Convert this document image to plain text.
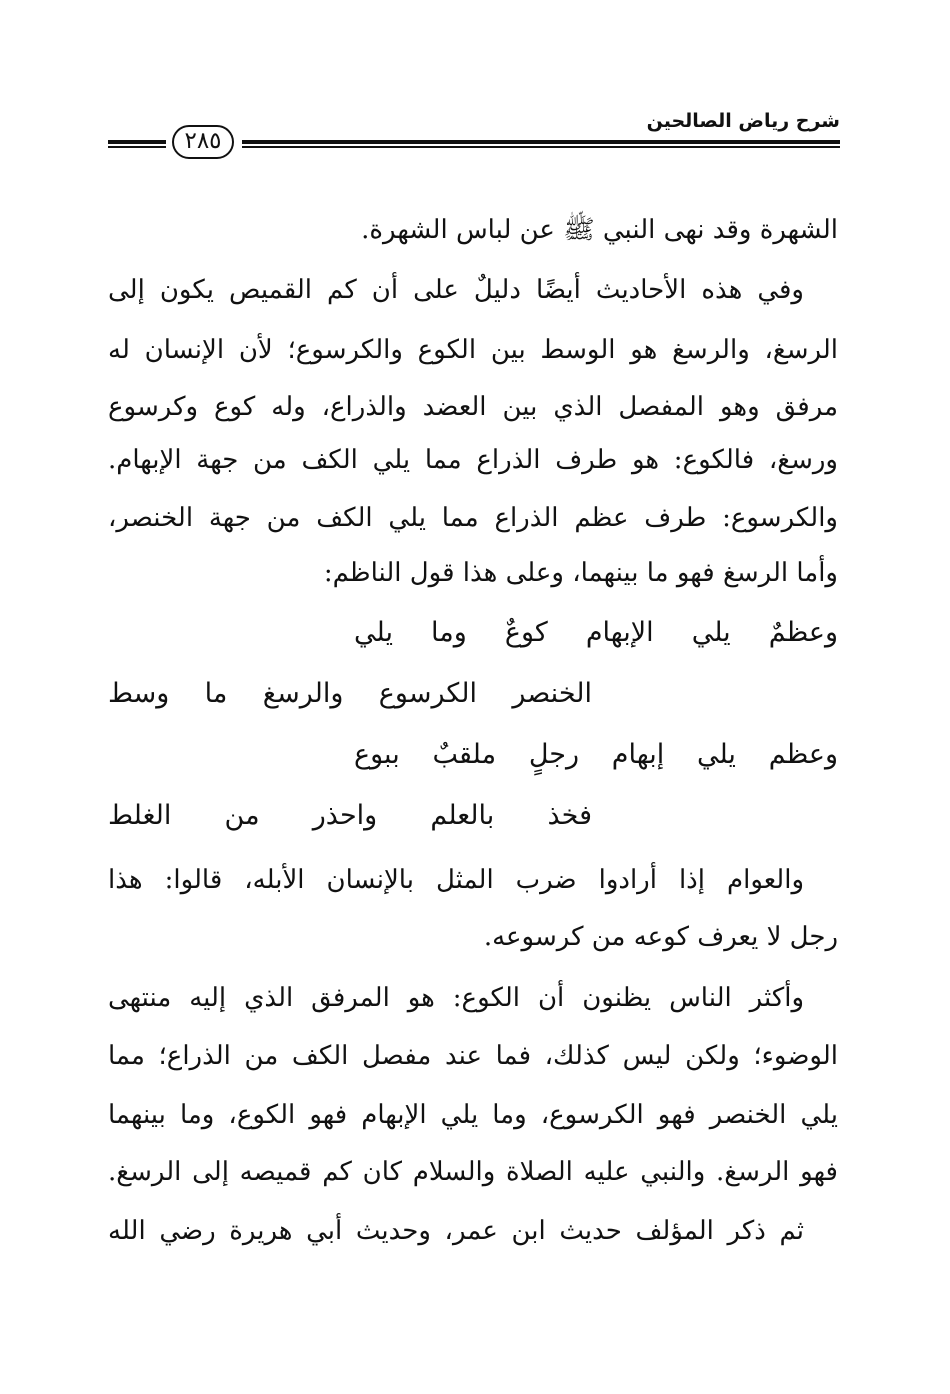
شرح رياض الصالحين
٢٨٥
الشهرة وقد نهى النبي ﷺ عن لباس الشهرة.
وفي هذه الأحاديث أيضًا دليلٌ على أن كم القميص يكون إلى
الرسغ، والرسغ هو الوسط بين الكوع والكرسوع؛ لأن الإنسان له
مرفق وهو المفصل الذي بين العضد والذراع، وله كوع وكرسوع
ورسغ، فالكوع: هو طرف الذراع مما يلي الكف من جهة الإبهام.
والكرسوع: طرف عظم الذراع مما يلي الكف من جهة الخنصر،
وأما الرسغ فهو ما بينهما، وعلى هذا قول الناظم:
وعظمٌ يلي الإبهام كوعٌ وما يلي
الخنصر الكرسوع والرسغ ما وسط
وعظم يلي إبهام رجلٍ ملقبٌ ببوع
فخذ بالعلم واحذر من الغلط
والعوام إذا أرادوا ضرب المثل بالإنسان الأبله، قالوا: هذا
رجل لا يعرف كوعه من كرسوعه.
وأكثر الناس يظنون أن الكوع: هو المرفق الذي إليه منتهى
الوضوء؛ ولكن ليس كذلك، فما عند مفصل الكف من الذراع؛ مما
يلي الخنصر فهو الكرسوع، وما يلي الإبهام فهو الكوع، وما بينهما
فهو الرسغ. والنبي عليه الصلاة والسلام كان كم قميصه إلى الرسغ.
ثم ذكر المؤلف حديث ابن عمر، وحديث أبي هريرة رضي الله
